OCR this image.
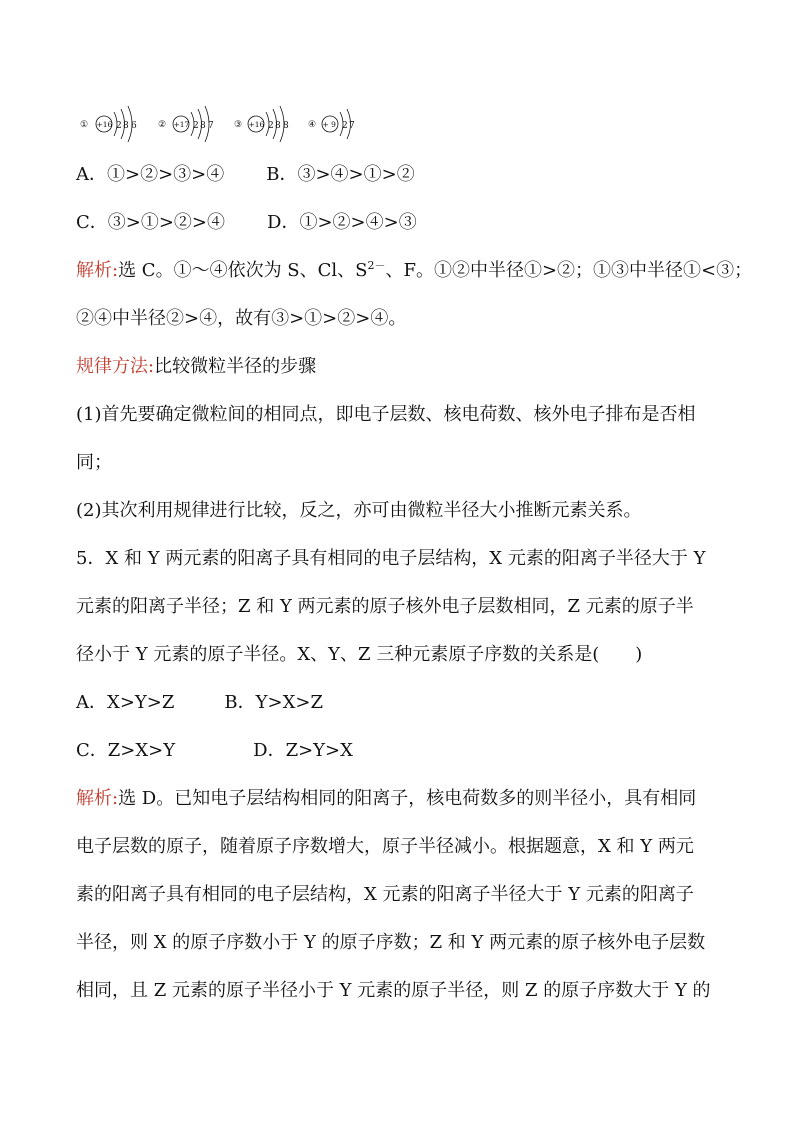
① +16 2 8 6 ② +17 2 8 7 ③ +16 2 8 8 ④ + 9 2 7
A．①>②>③>④ B．③>④>①>②
C．③>①>②>④ D．①>②>④>③
解析:选 C。①～④依次为 S、Cl、$S^{2-}$、F。①②中半径①>②；①③中半径①<③；
②④中半径②>④，故有③>①>②>④。
规律方法:比较微粒半径的步骤
(1)首先要确定微粒间的相同点，即电子层数、核电荷数、核外电子排布是否相
同；
(2)其次利用规律进行比较，反之，亦可由微粒半径大小推断元素关系。
5．X 和 Y 两元素的阳离子具有相同的电子层结构，X 元素的阳离子半径大于 Y
元素的阳离子半径；Z 和 Y 两元素的原子核外电子层数相同，Z 元素的原子半
径小于 Y 元素的原子半径。X、Y、Z 三种元素原子序数的关系是(　　)
A．X>Y>Z	B．Y>X>Z
C．Z>X>Y	D．Z>Y>X
解析:选 D。已知电子层结构相同的阳离子，核电荷数多的则半径小，具有相同
电子层数的原子，随着原子序数增大，原子半径减小。根据题意，X 和 Y 两元
素的阳离子具有相同的电子层结构，X 元素的阳离子半径大于 Y 元素的阳离子
半径，则 X 的原子序数小于 Y 的原子序数；Z 和 Y 两元素的原子核外电子层数
相同，且 Z 元素的原子半径小于 Y 元素的原子半径，则 Z 的原子序数大于 Y 的
